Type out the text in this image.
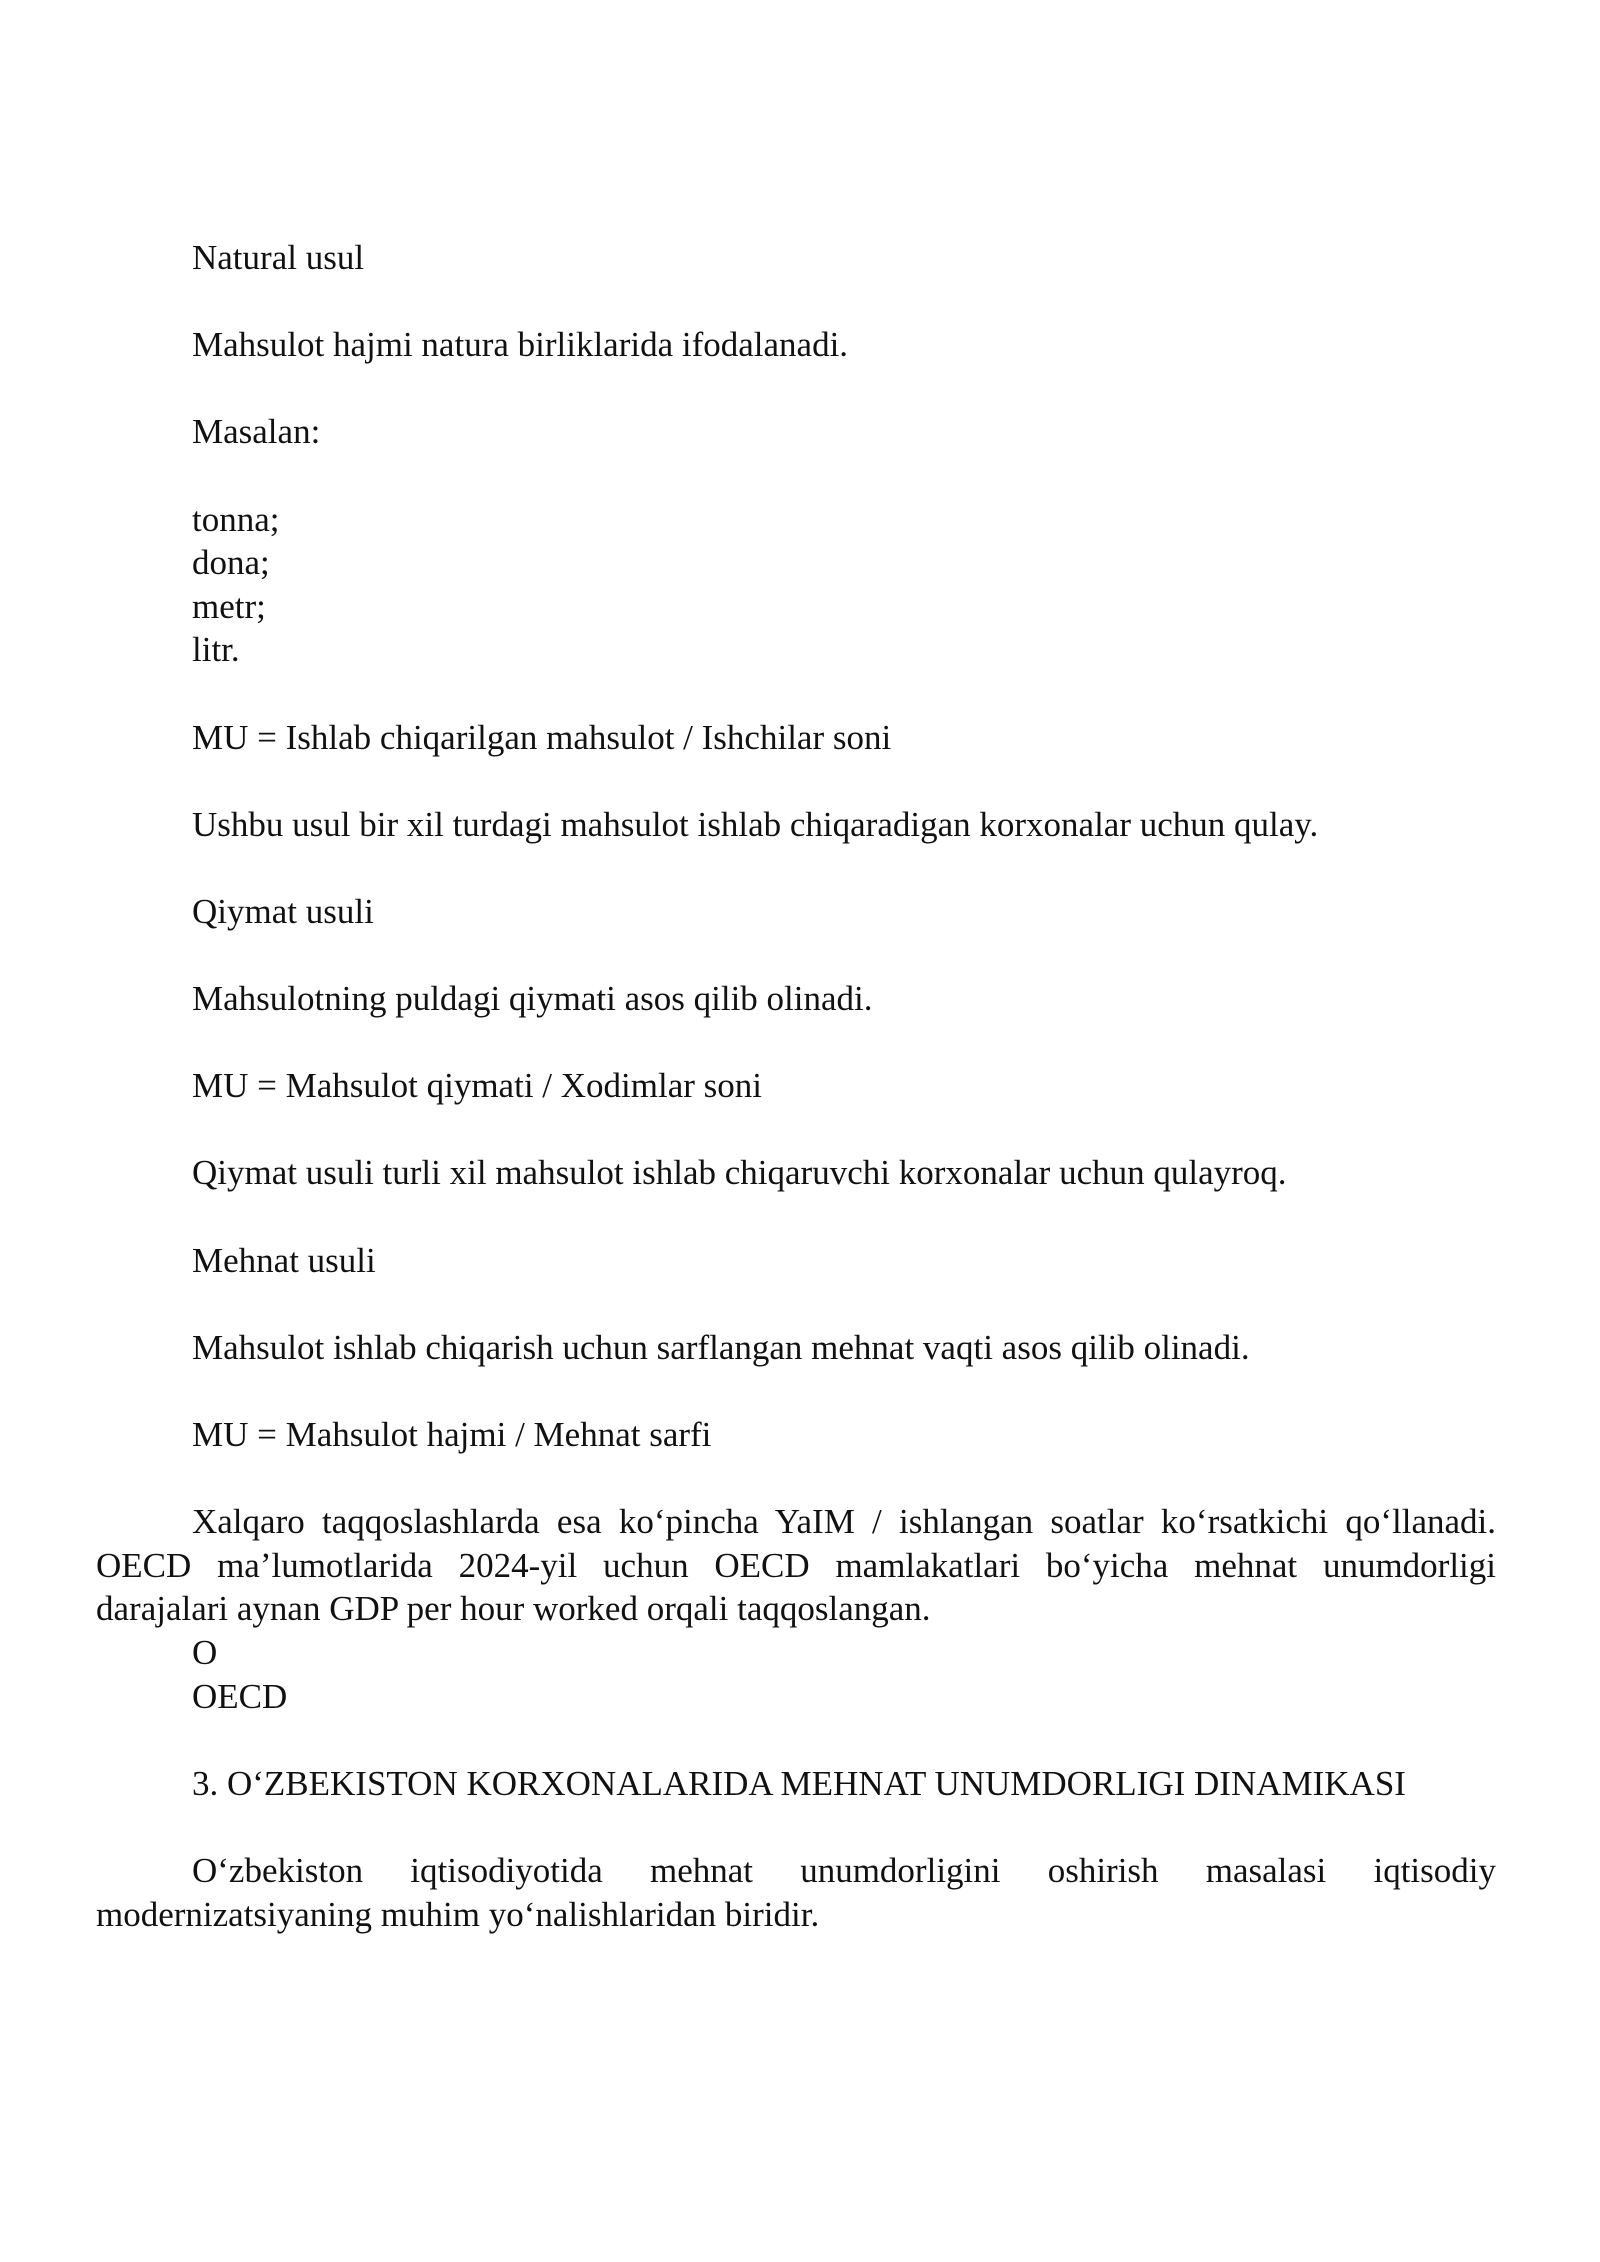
Natural usul

Mahsulot hajmi natura birliklarida ifodalanadi.

Masalan:

tonna;
dona;
metr;
litr.

MU = Ishlab chiqarilgan mahsulot / Ishchilar soni

Ushbu usul bir xil turdagi mahsulot ishlab chiqaradigan korxonalar uchun qulay.

Qiymat usuli

Mahsulotning puldagi qiymati asos qilib olinadi.

MU = Mahsulot qiymati / Xodimlar soni

Qiymat usuli turli xil mahsulot ishlab chiqaruvchi korxonalar uchun qulayroq.

Mehnat usuli

Mahsulot ishlab chiqarish uchun sarflangan mehnat vaqti asos qilib olinadi.

MU = Mahsulot hajmi / Mehnat sarfi

Xalqaro taqqoslashlarda esa koʻpincha YaIM / ishlangan soatlar koʻrsatkichi qoʻllanadi. OECD maʼlumotlarida 2024-yil uchun OECD mamlakatlari boʻyicha mehnat unumdorligi darajalari aynan GDP per hour worked orqali taqqoslangan.

O

OECD

3. OʻZBEKISTON KORXONALARIDA MEHNAT UNUMDORLIGI DINAMIKASI

Oʻzbekiston iqtisodiyotida mehnat unumdorligini oshirish masalasi iqtisodiy modernizatsiyaning muhim yoʻnalishlaridan biridir.
